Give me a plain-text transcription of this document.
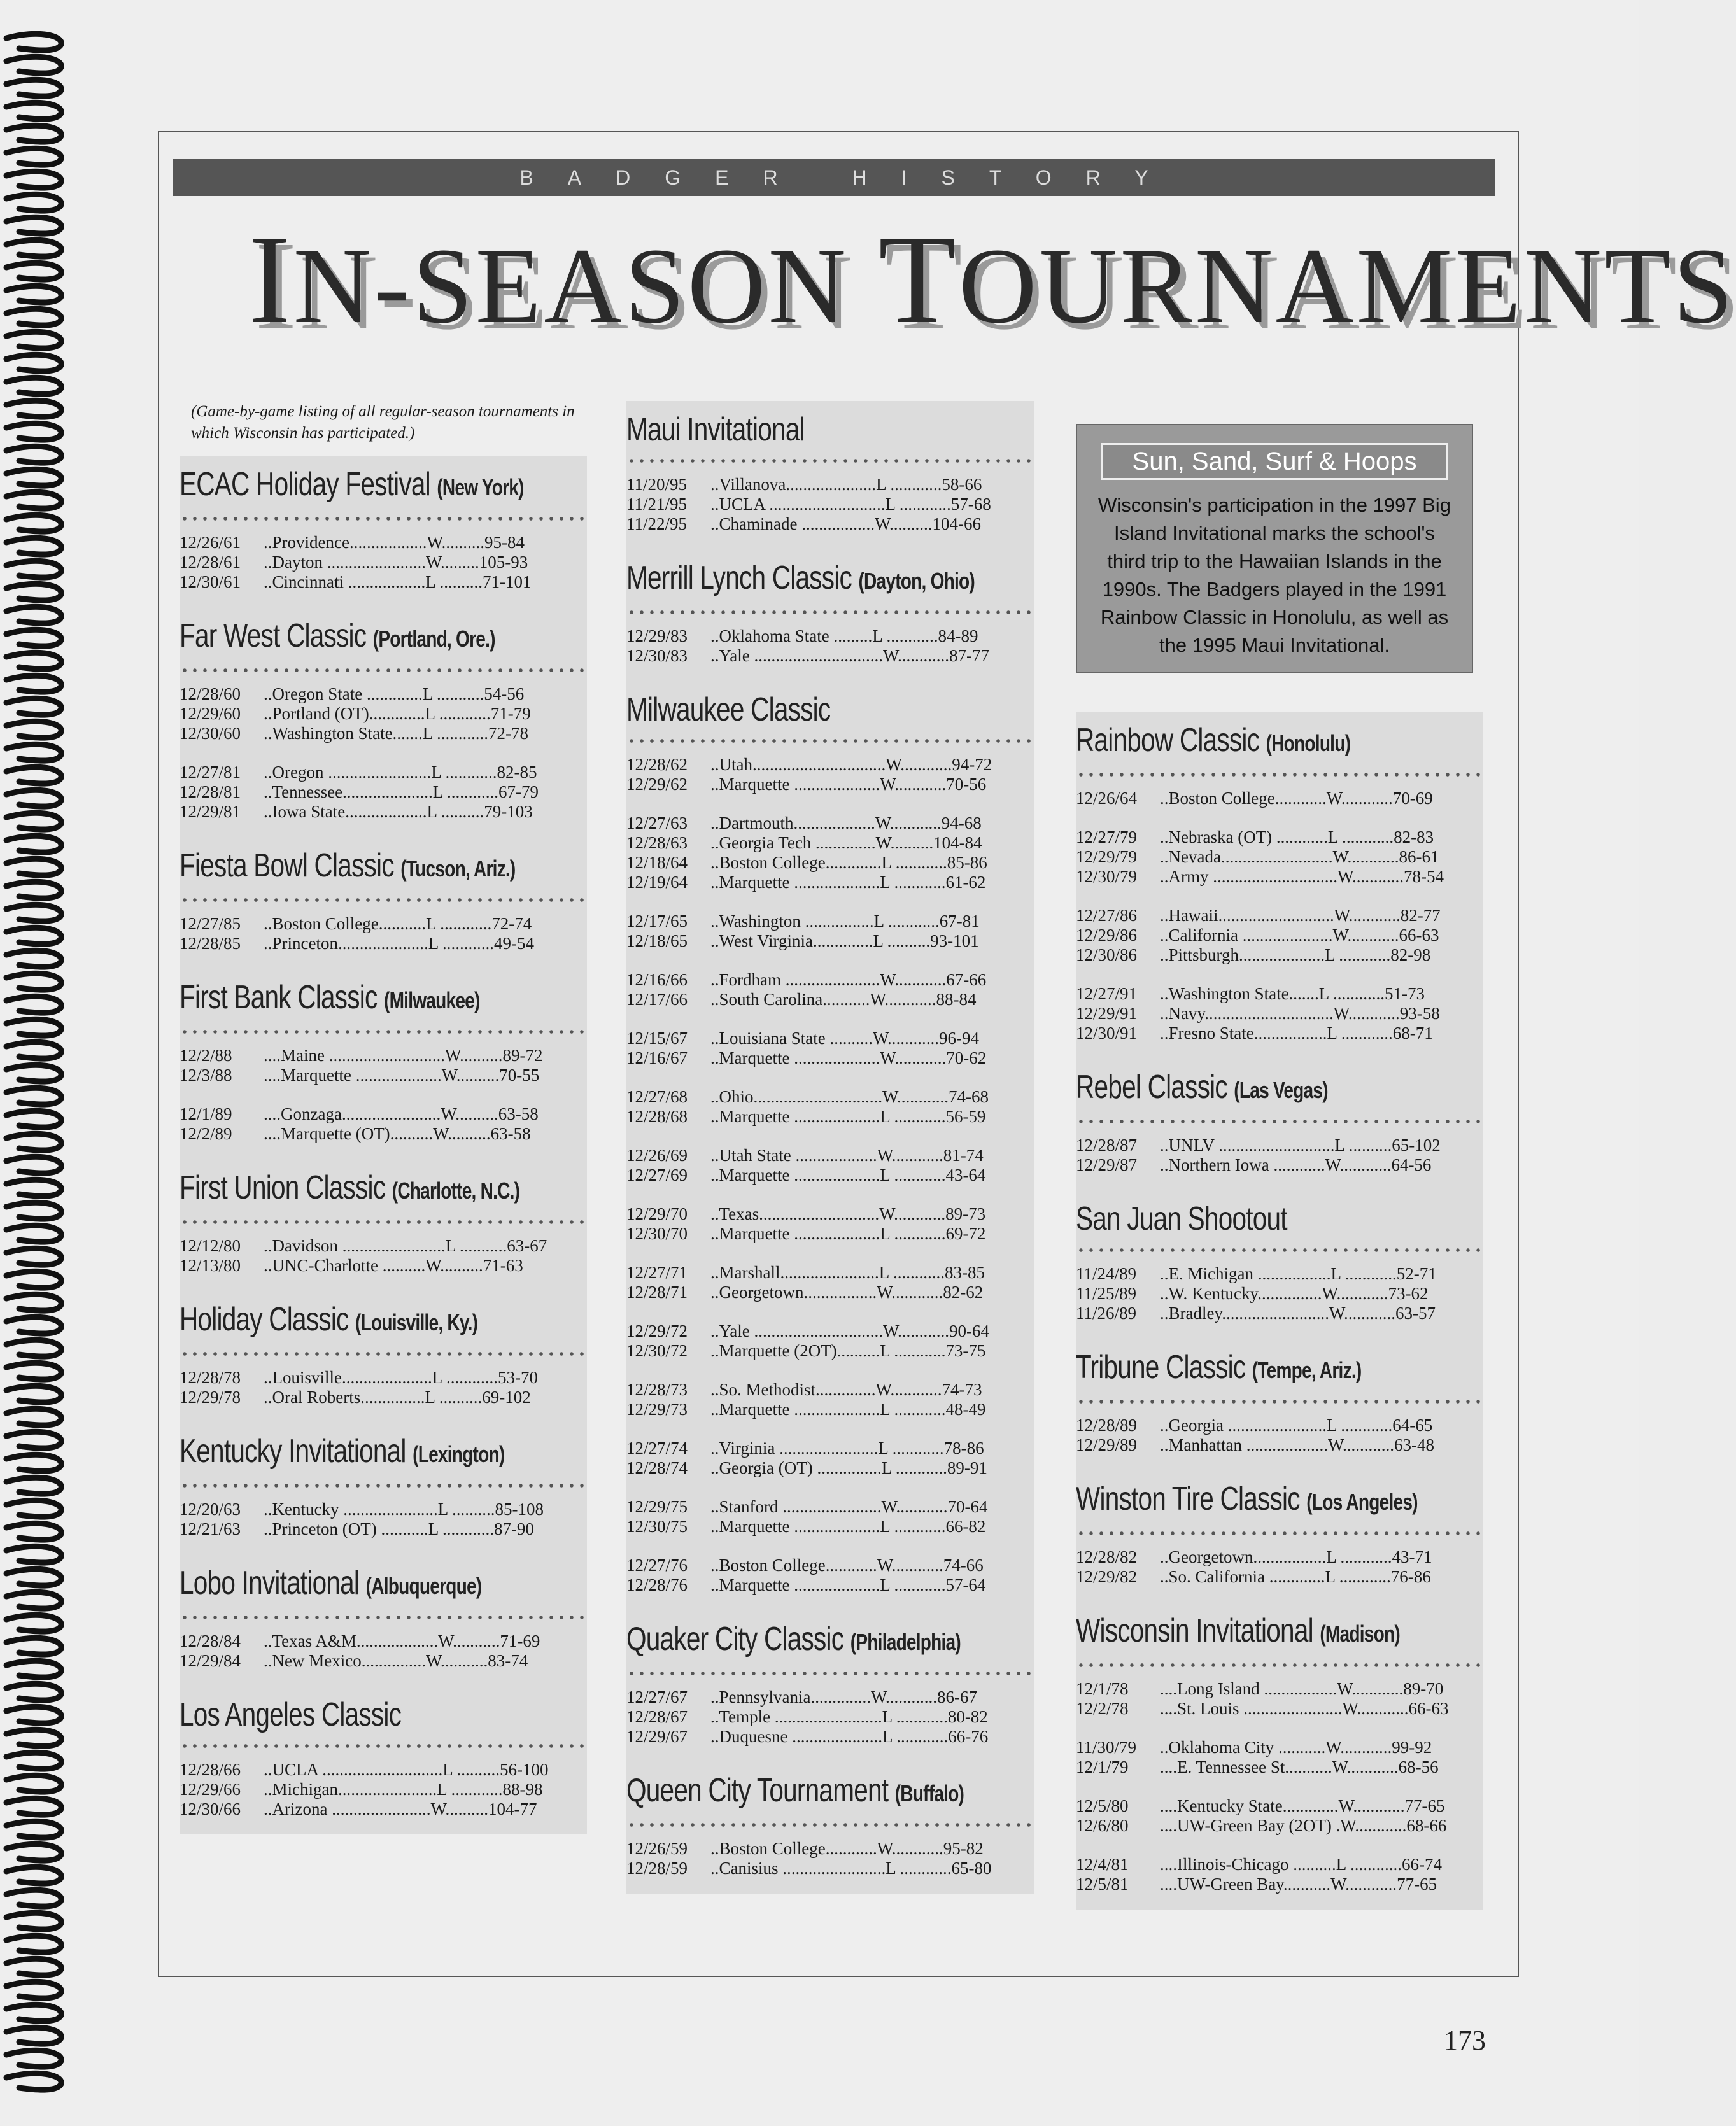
BADGER HISTORY
IN-SEASON TOURNAMENTS
(Game-by-game listing of all regular-season tournaments in which Wisconsin has participated.)
ECAC Holiday Festival (New York)
12/26/61	..Providence..................W..........95-84
12/28/61	..Dayton .......................W.........105-93
12/30/61	..Cincinnati ..................L ..........71-101
Far West Classic (Portland, Ore.)
12/28/60	..Oregon State .............L ...........54-56
12/29/60	..Portland (OT).............L ............71-79
12/30/60	..Washington State.......L ............72-78
12/27/81	..Oregon ........................L ............82-85
12/28/81	..Tennessee.....................L ............67-79
12/29/81	..Iowa State...................L ..........79-103
Fiesta Bowl Classic (Tucson, Ariz.)
12/27/85	..Boston College...........L ............72-74
12/28/85	..Princeton.....................L ............49-54
First Bank Classic (Milwaukee)
12/2/88	....Maine ...........................W..........89-72
12/3/88	....Marquette ....................W..........70-55
12/1/89	....Gonzaga.......................W..........63-58
12/2/89	....Marquette (OT)..........W..........63-58
First Union Classic (Charlotte, N.C.)
12/12/80	..Davidson ........................L ...........63-67
12/13/80	..UNC-Charlotte ..........W..........71-63
Holiday Classic (Louisville, Ky.)
12/28/78	..Louisville.....................L ............53-70
12/29/78	..Oral Roberts...............L ..........69-102
Kentucky Invitational (Lexington)
12/20/63	..Kentucky ......................L ..........85-108
12/21/63	..Princeton (OT) ...........L ............87-90
Lobo Invitational (Albuquerque)
12/28/84	..Texas A&M...................W...........71-69
12/29/84	..New Mexico...............W...........83-74
Los Angeles Classic
12/28/66	..UCLA ............................L ..........56-100
12/29/66	..Michigan.......................L ............88-98
12/30/66	..Arizona .......................W..........104-77
Maui Invitational
11/20/95	..Villanova.....................L ............58-66
11/21/95	..UCLA ...........................L ............57-68
11/22/95	..Chaminade .................W..........104-66
Merrill Lynch Classic (Dayton, Ohio)
12/29/83	..Oklahoma State .........L ............84-89
12/30/83	..Yale ..............................W............87-77
Milwaukee Classic
12/28/62	..Utah...............................W............94-72
12/29/62	..Marquette ....................W............70-56
12/27/63	..Dartmouth...................W............94-68
12/28/63	..Georgia Tech ..............W..........104-84
12/18/64	..Boston College.............L ............85-86
12/19/64	..Marquette ....................L ............61-62
12/17/65	..Washington ................L ............67-81
12/18/65	..West Virginia..............L ..........93-101
12/16/66	..Fordham ......................W............67-66
12/17/66	..South Carolina...........W............88-84
12/15/67	..Louisiana State ..........W............96-94
12/16/67	..Marquette ....................W............70-62
12/27/68	..Ohio..............................W............74-68
12/28/68	..Marquette ....................L ............56-59
12/26/69	..Utah State ...................W............81-74
12/27/69	..Marquette ....................L ............43-64
12/29/70	..Texas............................W............89-73
12/30/70	..Marquette ....................L ............69-72
12/27/71	..Marshall.......................L ............83-85
12/28/71	..Georgetown.................W............82-62
12/29/72	..Yale ..............................W............90-64
12/30/72	..Marquette (2OT)..........L ............73-75
12/28/73	..So. Methodist..............W............74-73
12/29/73	..Marquette ....................L ............48-49
12/27/74	..Virginia .......................L ............78-86
12/28/74	..Georgia (OT) ...............L ............89-91
12/29/75	..Stanford .......................W............70-64
12/30/75	..Marquette ....................L ............66-82
12/27/76	..Boston College............W............74-66
12/28/76	..Marquette ....................L ............57-64
Quaker City Classic (Philadelphia)
12/27/67	..Pennsylvania..............W............86-67
12/28/67	..Temple .........................L ............80-82
12/29/67	..Duquesne .....................L ............66-76
Queen City Tournament (Buffalo)
12/26/59	..Boston College............W............95-82
12/28/59	..Canisius ........................L ............65-80
Sun, Sand, Surf & Hoops

Wisconsin's participation in the 1997 Big Island Invitational marks the school's third trip to the Hawaiian Islands in the 1990s. The Badgers played in the 1991 Rainbow Classic in Honolulu, as well as the 1995 Maui Invitational.

Rainbow Classic (Honolulu)
12/26/64	..Boston College............W............70-69
12/27/79	..Nebraska (OT) ............L ............82-83
12/29/79	..Nevada..........................W............86-61
12/30/79	..Army .............................W............78-54
12/27/86	..Hawaii...........................W............82-77
12/29/86	..California .....................W............66-63
12/30/86	..Pittsburgh....................L ............82-98
12/27/91	..Washington State.......L ............51-73
12/29/91	..Navy..............................W............93-58
12/30/91	..Fresno State.................L ............68-71
Rebel Classic (Las Vegas)
12/28/87	..UNLV ...........................L ..........65-102
12/29/87	..Northern Iowa ............W............64-56
San Juan Shootout
11/24/89	..E. Michigan .................L ............52-71
11/25/89	..W. Kentucky...............W............73-62
11/26/89	..Bradley.........................W............63-57
Tribune Classic (Tempe, Ariz.)
12/28/89	..Georgia .......................L ............64-65
12/29/89	..Manhattan ...................W............63-48
Winston Tire Classic (Los Angeles)
12/28/82	..Georgetown.................L ............43-71
12/29/82	..So. California .............L ............76-86
Wisconsin Invitational (Madison)
12/1/78	....Long Island .................W............89-70
12/2/78	....St. Louis .......................W............66-63
11/30/79	..Oklahoma City ...........W............99-92
12/1/79	....E. Tennessee St...........W............68-56
12/5/80	....Kentucky State.............W............77-65
12/6/80	....UW-Green Bay (2OT) .W............68-66
12/4/81	....Illinois-Chicago ..........L ............66-74
12/5/81	....UW-Green Bay...........W............77-65
173
